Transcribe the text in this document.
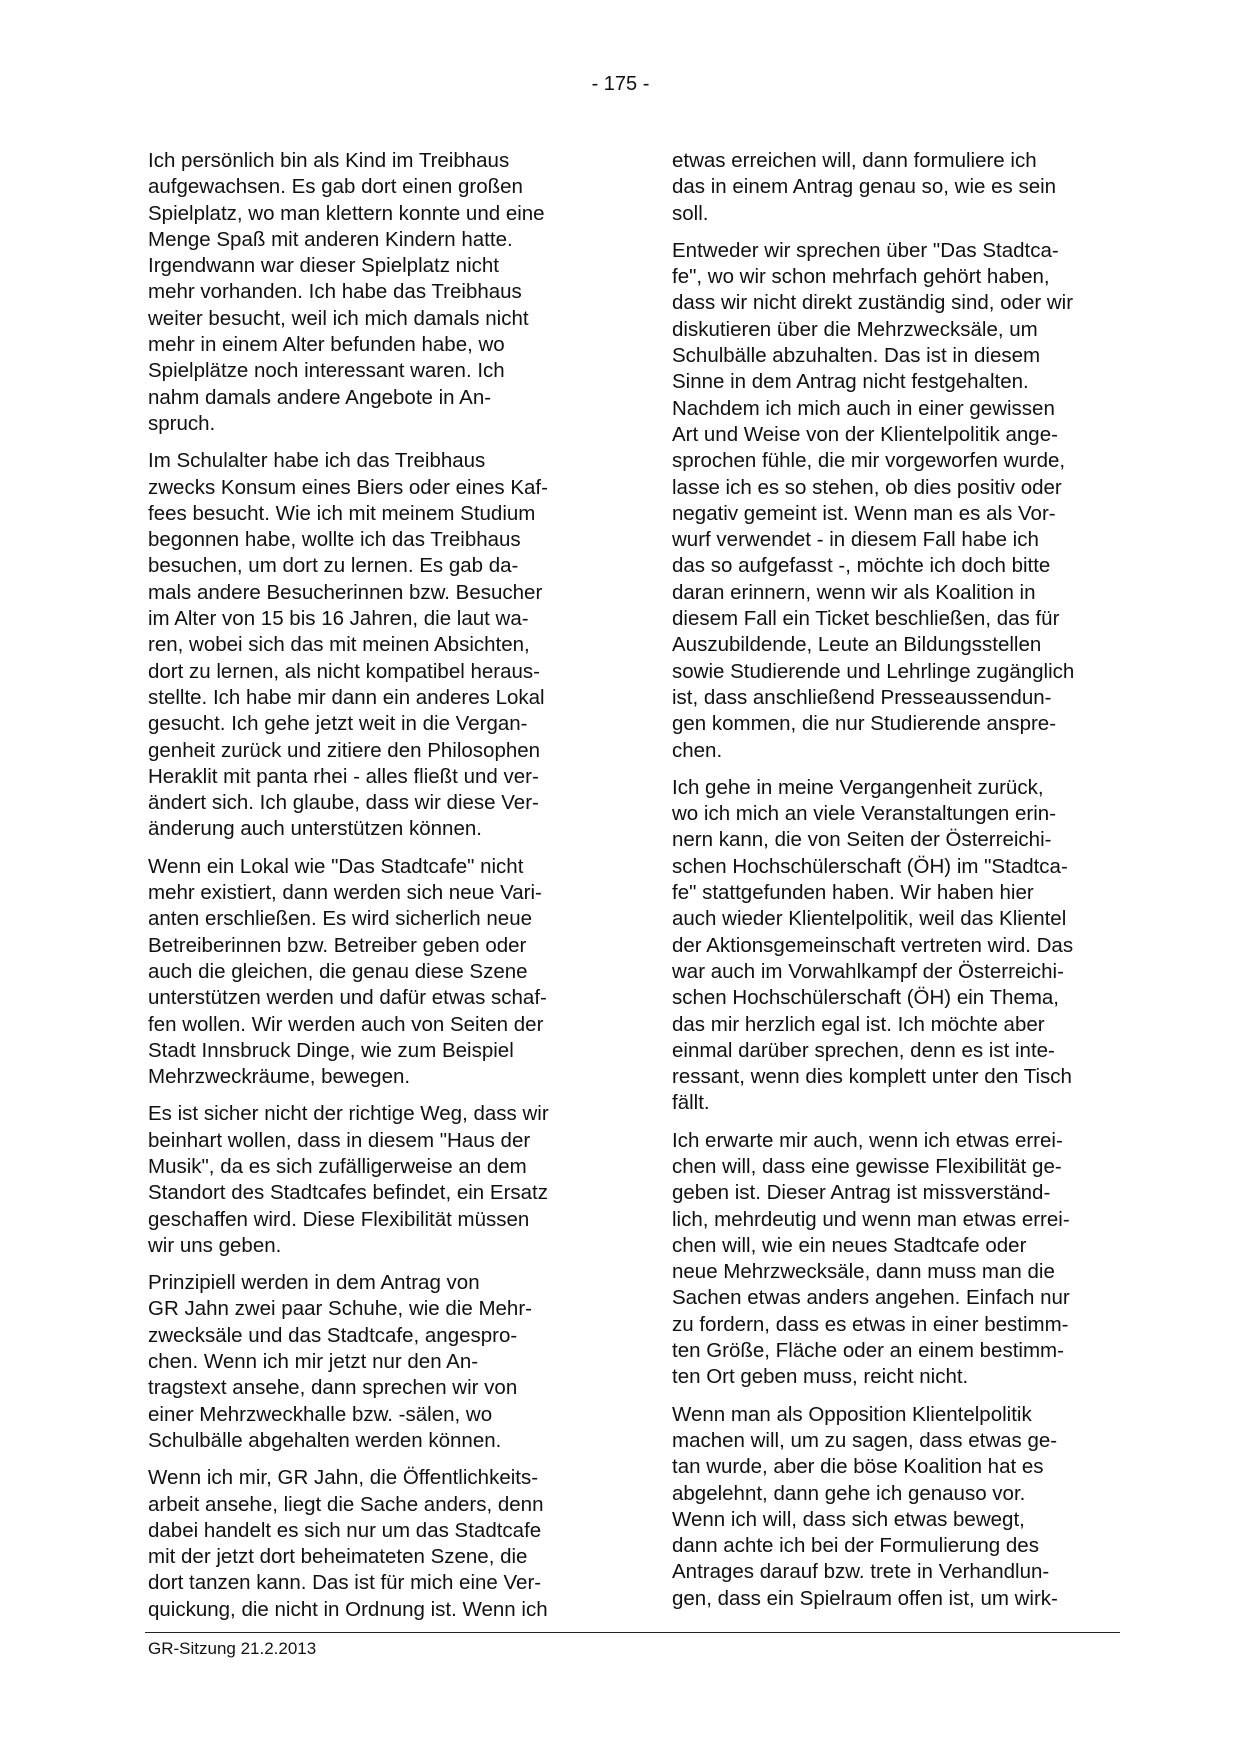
- 175 -

Ich persönlich bin als Kind im Treibhaus
aufgewachsen. Es gab dort einen großen
Spielplatz, wo man klettern konnte und eine
Menge Spaß mit anderen Kindern hatte.
Irgendwann war dieser Spielplatz nicht
mehr vorhanden. Ich habe das Treibhaus
weiter besucht, weil ich mich damals nicht
mehr in einem Alter befunden habe, wo
Spielplätze noch interessant waren. Ich
nahm damals andere Angebote in An-
spruch.

Im Schulalter habe ich das Treibhaus
zwecks Konsum eines Biers oder eines Kaf-
fees besucht. Wie ich mit meinem Studium
begonnen habe, wollte ich das Treibhaus
besuchen, um dort zu lernen. Es gab da-
mals andere Besucherinnen bzw. Besucher
im Alter von 15 bis 16 Jahren, die laut wa-
ren, wobei sich das mit meinen Absichten,
dort zu lernen, als nicht kompatibel heraus-
stellte. Ich habe mir dann ein anderes Lokal
gesucht. Ich gehe jetzt weit in die Vergan-
genheit zurück und zitiere den Philosophen
Heraklit mit panta rhei - alles fließt und ver-
ändert sich. Ich glaube, dass wir diese Ver-
änderung auch unterstützen können.

Wenn ein Lokal wie "Das Stadtcafe" nicht
mehr existiert, dann werden sich neue Vari-
anten erschließen. Es wird sicherlich neue
Betreiberinnen bzw. Betreiber geben oder
auch die gleichen, die genau diese Szene
unterstützen werden und dafür etwas schaf-
fen wollen. Wir werden auch von Seiten der
Stadt Innsbruck Dinge, wie zum Beispiel
Mehrzweckräume, bewegen.

Es ist sicher nicht der richtige Weg, dass wir
beinhart wollen, dass in diesem "Haus der
Musik", da es sich zufälligerweise an dem
Standort des Stadtcafes befindet, ein Ersatz
geschaffen wird. Diese Flexibilität müssen
wir uns geben.

Prinzipiell werden in dem Antrag von
GR Jahn zwei paar Schuhe, wie die Mehr-
zwecksäle und das Stadtcafe, angespro-
chen. Wenn ich mir jetzt nur den An-
tragstext ansehe, dann sprechen wir von
einer Mehrzweckhalle bzw. -sälen, wo
Schulbälle abgehalten werden können.

Wenn ich mir, GR Jahn, die Öffentlichkeits-
arbeit ansehe, liegt die Sache anders, denn
dabei handelt es sich nur um das Stadtcafe
mit der jetzt dort beheimateten Szene, die
dort tanzen kann. Das ist für mich eine Ver-
quickung, die nicht in Ordnung ist. Wenn ich

etwas erreichen will, dann formuliere ich
das in einem Antrag genau so, wie es sein
soll.

Entweder wir sprechen über "Das Stadtca-
fe", wo wir schon mehrfach gehört haben,
dass wir nicht direkt zuständig sind, oder wir
diskutieren über die Mehrzwecksäle, um
Schulbälle abzuhalten. Das ist in diesem
Sinne in dem Antrag nicht festgehalten.
Nachdem ich mich auch in einer gewissen
Art und Weise von der Klientelpolitik ange-
sprochen fühle, die mir vorgeworfen wurde,
lasse ich es so stehen, ob dies positiv oder
negativ gemeint ist. Wenn man es als Vor-
wurf verwendet - in diesem Fall habe ich
das so aufgefasst -, möchte ich doch bitte
daran erinnern, wenn wir als Koalition in
diesem Fall ein Ticket beschließen, das für
Auszubildende, Leute an Bildungsstellen
sowie Studierende und Lehrlinge zugänglich
ist, dass anschließend Presseaussendun-
gen kommen, die nur Studierende anspre-
chen.

Ich gehe in meine Vergangenheit zurück,
wo ich mich an viele Veranstaltungen erin-
nern kann, die von Seiten der Österreichi-
schen Hochschülerschaft (ÖH) im "Stadtca-
fe" stattgefunden haben. Wir haben hier
auch wieder Klientelpolitik, weil das Klientel
der Aktionsgemeinschaft vertreten wird. Das
war auch im Vorwahlkampf der Österreichi-
schen Hochschülerschaft (ÖH) ein Thema,
das mir herzlich egal ist. Ich möchte aber
einmal darüber sprechen, denn es ist inte-
ressant, wenn dies komplett unter den Tisch
fällt.

Ich erwarte mir auch, wenn ich etwas errei-
chen will, dass eine gewisse Flexibilität ge-
geben ist. Dieser Antrag ist missverständ-
lich, mehrdeutig und wenn man etwas errei-
chen will, wie ein neues Stadtcafe oder
neue Mehrzwecksäle, dann muss man die
Sachen etwas anders angehen. Einfach nur
zu fordern, dass es etwas in einer bestimm-
ten Größe, Fläche oder an einem bestimm-
ten Ort geben muss, reicht nicht.

Wenn man als Opposition Klientelpolitik
machen will, um zu sagen, dass etwas ge-
tan wurde, aber die böse Koalition hat es
abgelehnt, dann gehe ich genauso vor.
Wenn ich will, dass sich etwas bewegt,
dann achte ich bei der Formulierung des
Antrages darauf bzw. trete in Verhandlun-
gen, dass ein Spielraum offen ist, um wirk-

GR-Sitzung 21.2.2013
